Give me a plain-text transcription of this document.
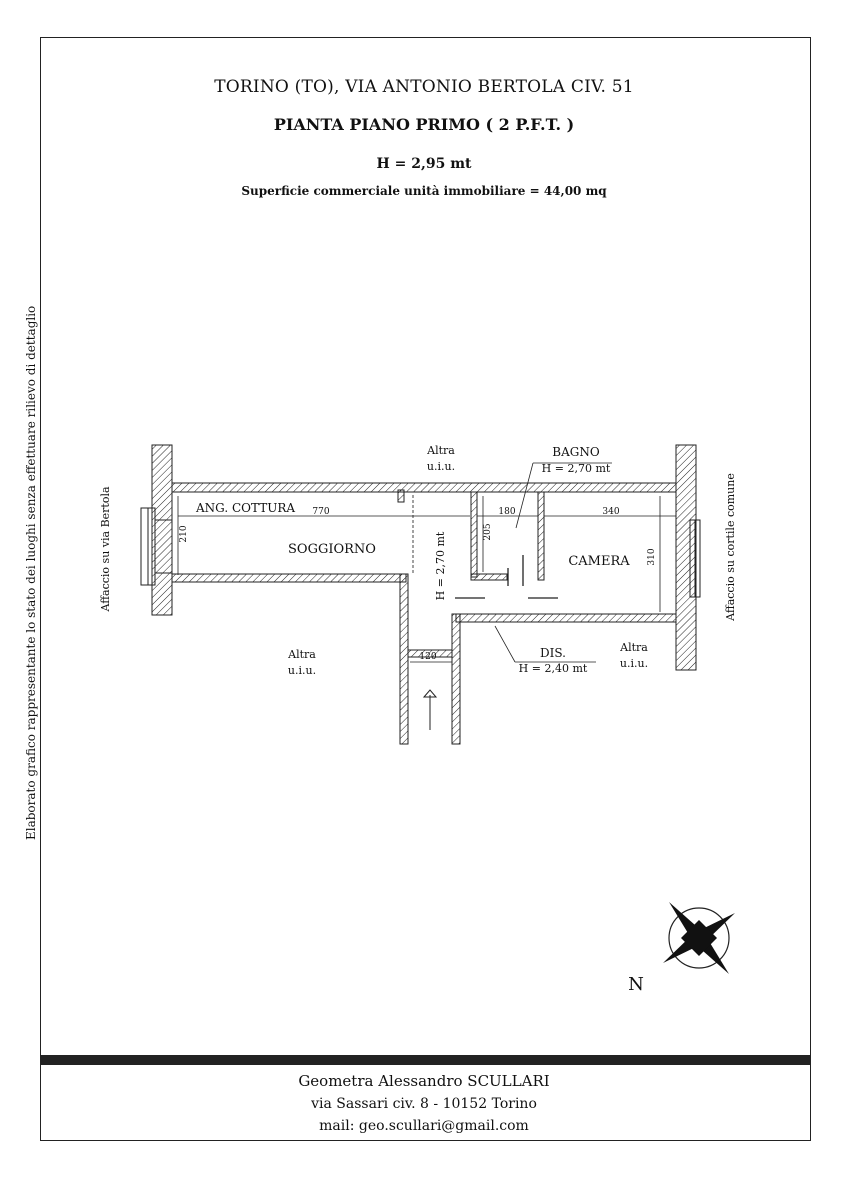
TORINO (TO), VIA ANTONIO BERTOLA CIV. 51
PIANTA PIANO PRIMO ( 2 P.F.T. )
H = 2,95 mt
Superficie commerciale unità immobiliare = 44,00 mq
Elaborato grafico rappresentante lo stato dei luoghi senza effettuare rilievo di dettaglio	Altra
u.i.u.
Altra
u.i.u.
Altra
u.i.u.
ANG. COTTURA
SOGGIORNO
BAGNO
H = 2,70 mt
CAMERA
DIS.
H = 2,40 mt
H = 2,70 mt
770
210	205
180	340
310
120
Affaccio su via Bertola	Affaccio su cortile comune
N
Geometra Alessandro SCULLARI
via Sassari civ. 8 - 10152 Torino
mail: geo.scullari@gmail.com
